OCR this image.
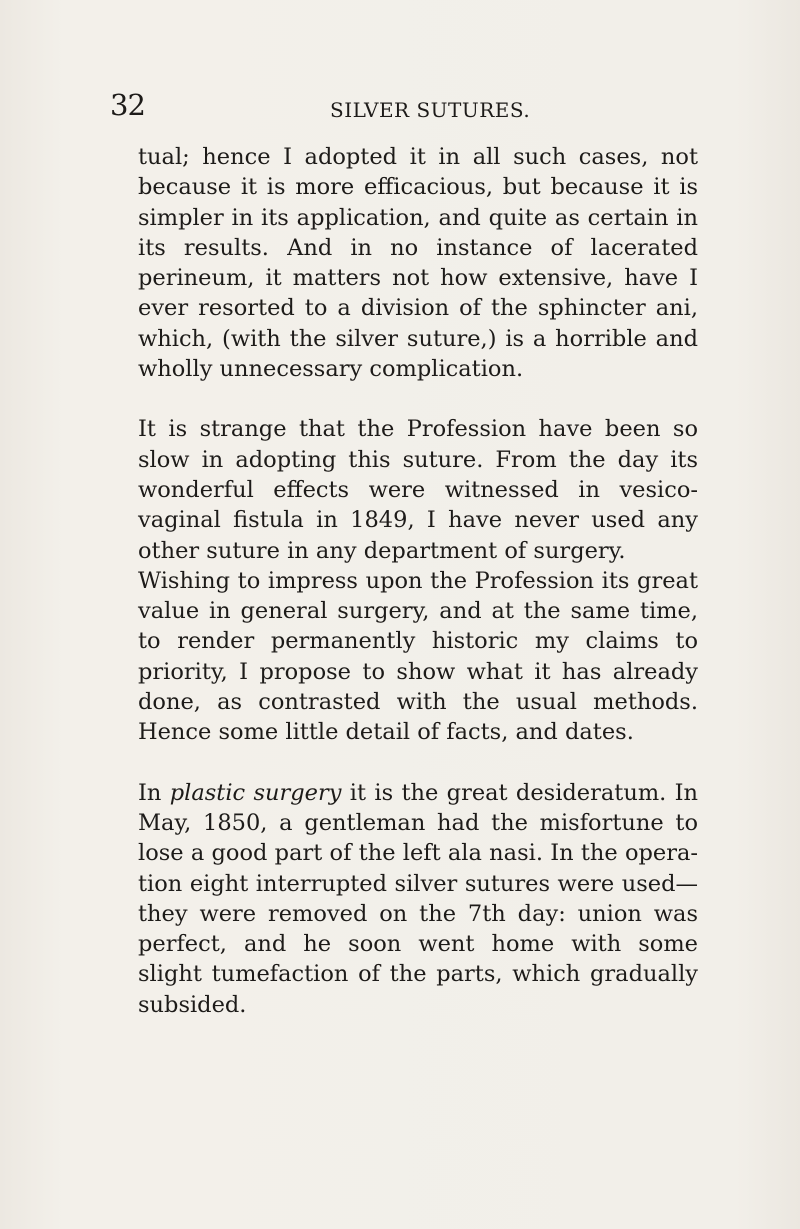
32	SILVER SUTURES.

tual; hence I adopted it in all such cases, not because it is more efficacious, but because it is simpler in its application, and quite as certain in its results. And in no instance of lacerated perineum, it matters not how extensive, have I ever resorted to a division of the sphincter ani, which, (with the silver suture,) is a horrible and wholly unnecessary complication.

It is strange that the Profession have been so slow in adopting this suture. From the day its wonderful effects were witnessed in vesico-vaginal fistula in 1849, I have never used any other suture in any department of surgery.

Wishing to impress upon the Profession its great value in general surgery, and at the same time, to render permanently historic my claims to priority, I propose to show what it has already done, as contrasted with the usual methods. Hence some little detail of facts, and dates.

In plastic surgery it is the great desideratum. In May, 1850, a gentleman had the misfortune to lose a good part of the left ala nasi. In the operation eight interrupted silver sutures were used—they were removed on the 7th day: union was perfect, and he soon went home with some slight tumefaction of the parts, which gradually subsided.
